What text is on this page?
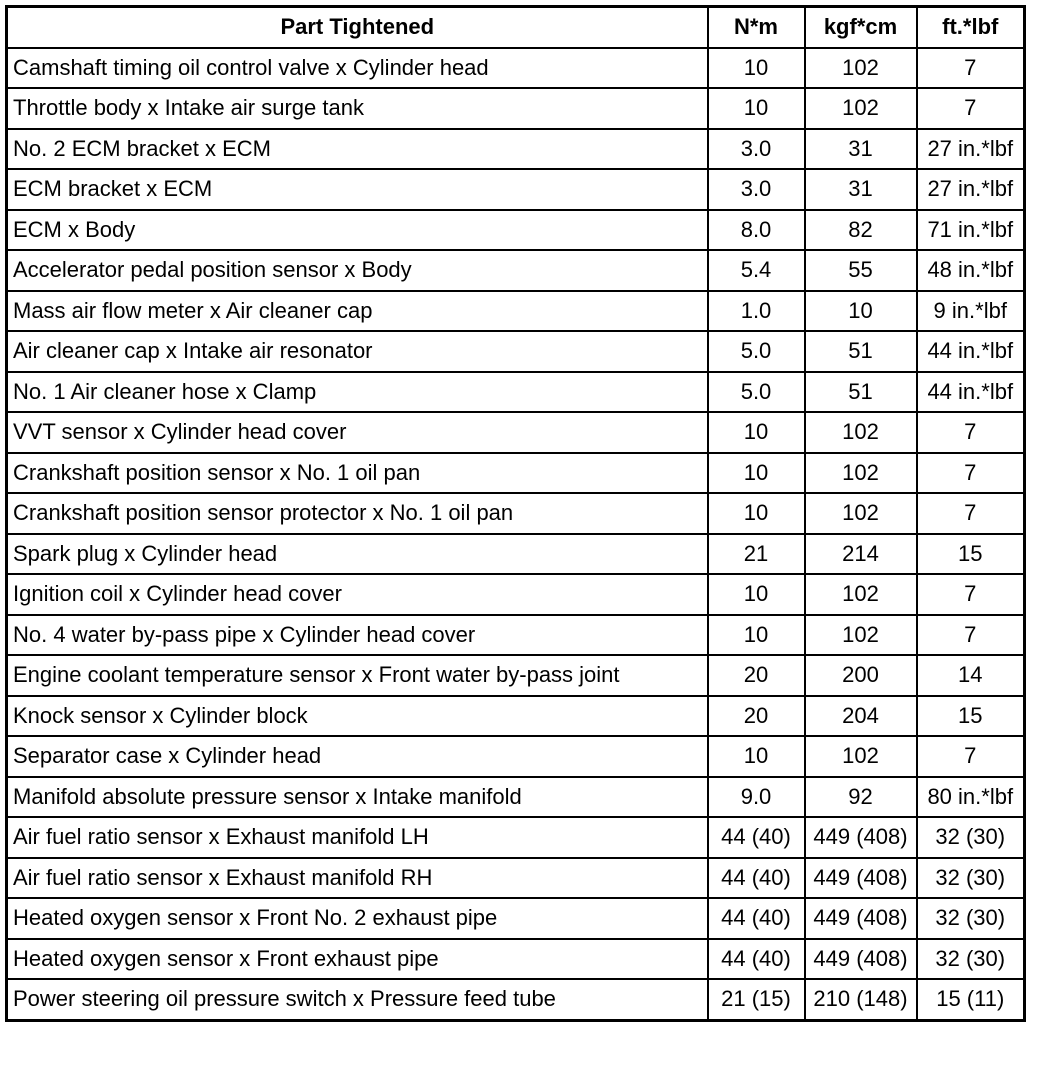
Part Tightened	N*m	kgf*cm	ft.*lbf
Camshaft timing oil control valve x Cylinder head	10	102	7
Throttle body x Intake air surge tank	10	102	7
No. 2 ECM bracket x ECM	3.0	31	27 in.*lbf
ECM bracket x ECM	3.0	31	27 in.*lbf
ECM x Body	8.0	82	71 in.*lbf
Accelerator pedal position sensor x Body	5.4	55	48 in.*lbf
Mass air flow meter x Air cleaner cap	1.0	10	9 in.*lbf
Air cleaner cap x Intake air resonator	5.0	51	44 in.*lbf
No. 1 Air cleaner hose x Clamp	5.0	51	44 in.*lbf
VVT sensor x Cylinder head cover	10	102	7
Crankshaft position sensor x No. 1 oil pan	10	102	7
Crankshaft position sensor protector x No. 1 oil pan	10	102	7
Spark plug x Cylinder head	21	214	15
Ignition coil x Cylinder head cover	10	102	7
No. 4 water by-pass pipe x Cylinder head cover	10	102	7
Engine coolant temperature sensor x Front water by-pass joint	20	200	14
Knock sensor x Cylinder block	20	204	15
Separator case x Cylinder head	10	102	7
Manifold absolute pressure sensor x Intake manifold	9.0	92	80 in.*lbf
Air fuel ratio sensor x Exhaust manifold LH	44 (40)	449 (408)	32 (30)
Air fuel ratio sensor x Exhaust manifold RH	44 (40)	449 (408)	32 (30)
Heated oxygen sensor x Front No. 2 exhaust pipe	44 (40)	449 (408)	32 (30)
Heated oxygen sensor x Front exhaust pipe	44 (40)	449 (408)	32 (30)
Power steering oil pressure switch x Pressure feed tube	21 (15)	210 (148)	15 (11)
